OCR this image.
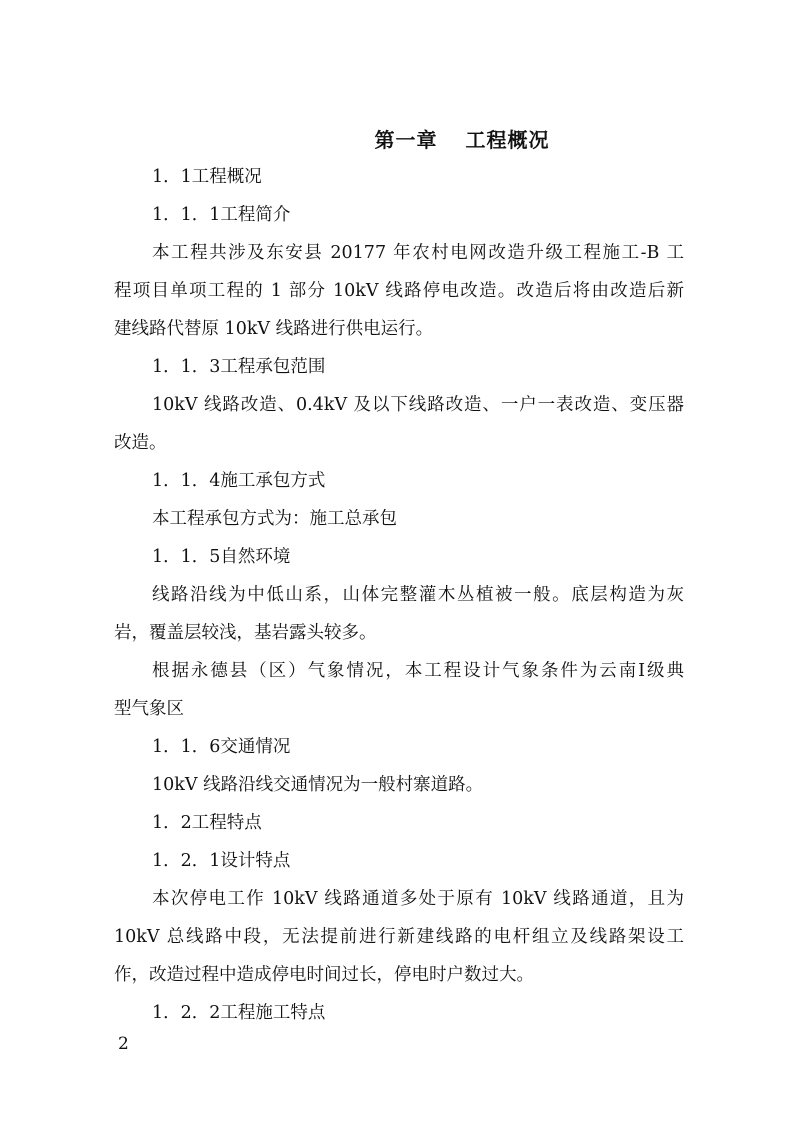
第一章 工程概况
1．1工程概况
1．1．1工程简介
本工程共涉及东安县 20177 年农村电网改造升级工程施工-B 工
程项目单项工程的 1 部分 10kV 线路停电改造。改造后将由改造后新
建线路代替原 10kV 线路进行供电运行。
1．1．3工程承包范围
10kV 线路改造、0.4kV 及以下线路改造、一户一表改造、变压器
改造。
1．1．4施工承包方式
本工程承包方式为：施工总承包
1．1．5自然环境
线路沿线为中低山系，山体完整灌木丛植被一般。底层构造为灰
岩，覆盖层较浅，基岩露头较多。
根据永德县（区）气象情况，本工程设计气象条件为云南Ⅰ级典
型气象区
1．1．6交通情况
10kV 线路沿线交通情况为一般村寨道路。
1．2工程特点
1．2．1设计特点
本次停电工作 10kV 线路通道多处于原有 10kV 线路通道，且为
10kV 总线路中段，无法提前进行新建线路的电杆组立及线路架设工
作，改造过程中造成停电时间过长，停电时户数过大。
1．2．2工程施工特点
2
